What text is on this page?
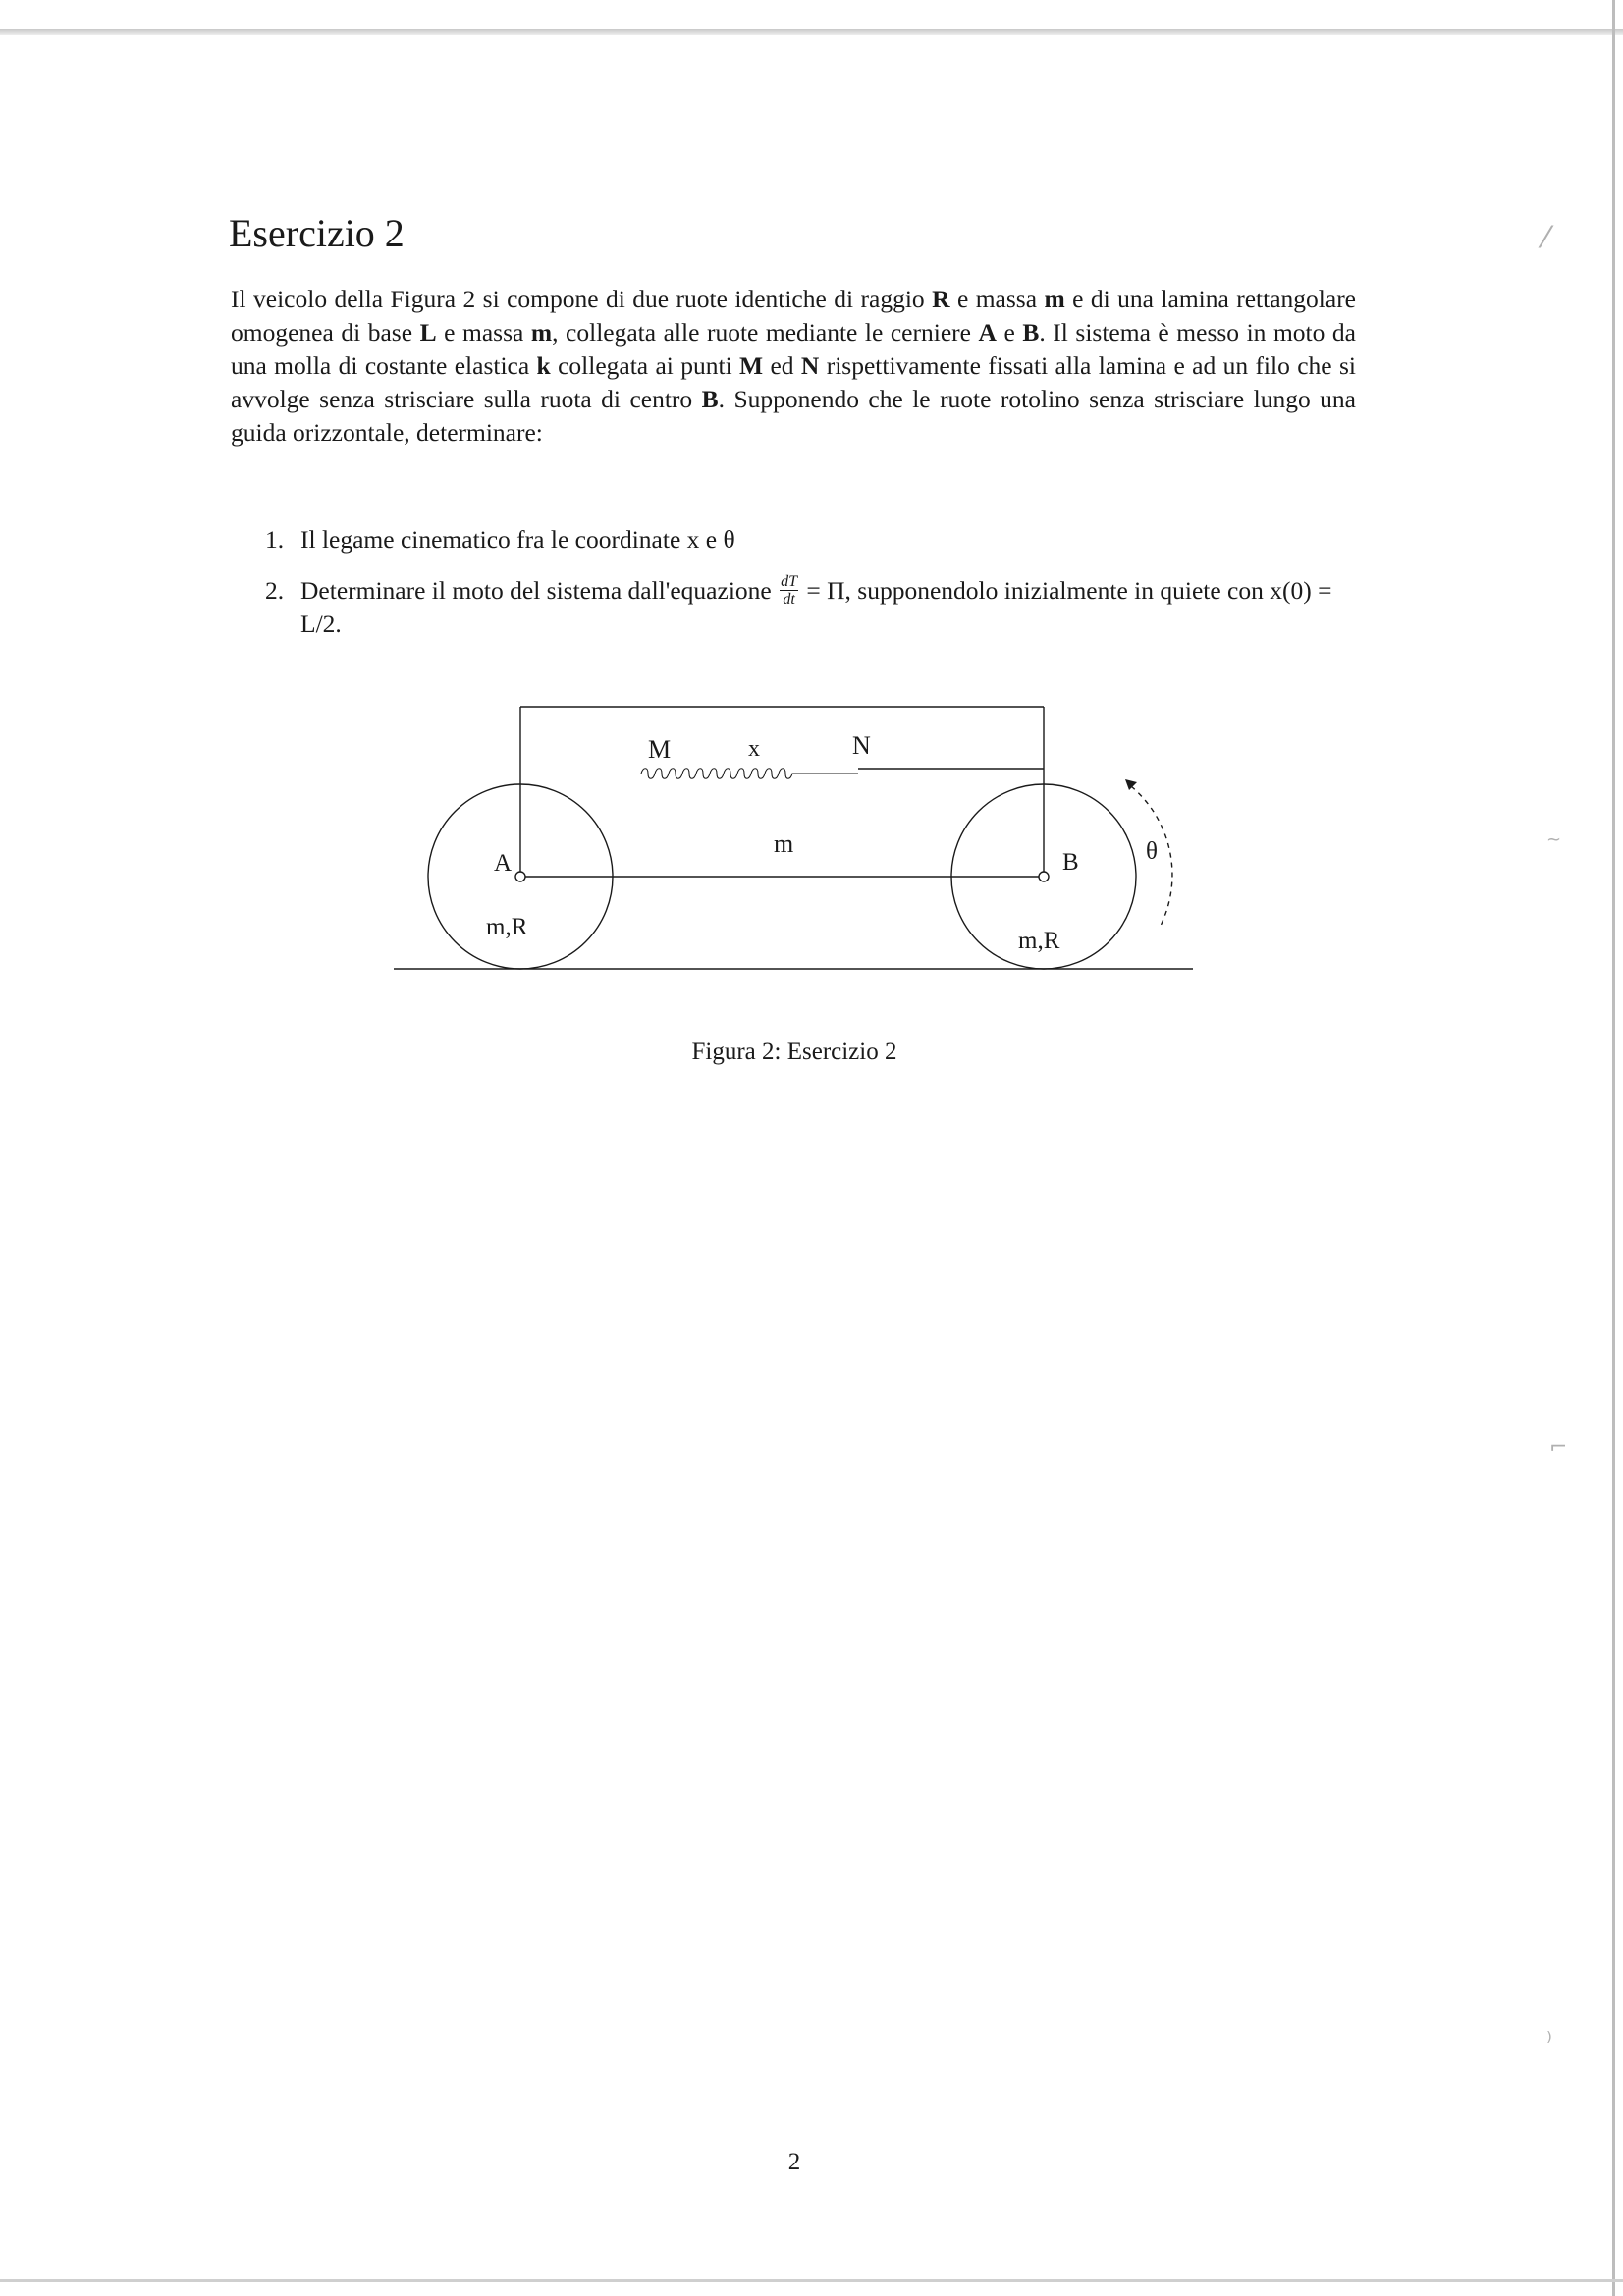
⁄
~
⌐
⁾
Esercizio 2

Il veicolo della Figura 2 si compone di due ruote identiche di raggio R e massa m e di una lamina rettangolare omogenea di base L e massa m, collegata alle ruote mediante le cerniere A e B. Il sistema è messo in moto da una molla di costante elastica k collegata ai punti M ed N rispettivamente fissati alla lamina e ad un filo che si avvolge senza strisciare sulla ruota di centro B. Supponendo che le ruote rotolino senza strisciare lungo una guida orizzontale, determinare:

1. Il legame cinematico fra le coordinate x e θ
2. Determinare il moto del sistema dall'equazione $\frac{dT}{dt} = \Pi$, supponendolo inizialmente in quiete con x(0) = L/2.
M	x	N
m
A	B	θ
m,R
m,R

Figura 2: Esercizio 2

2
